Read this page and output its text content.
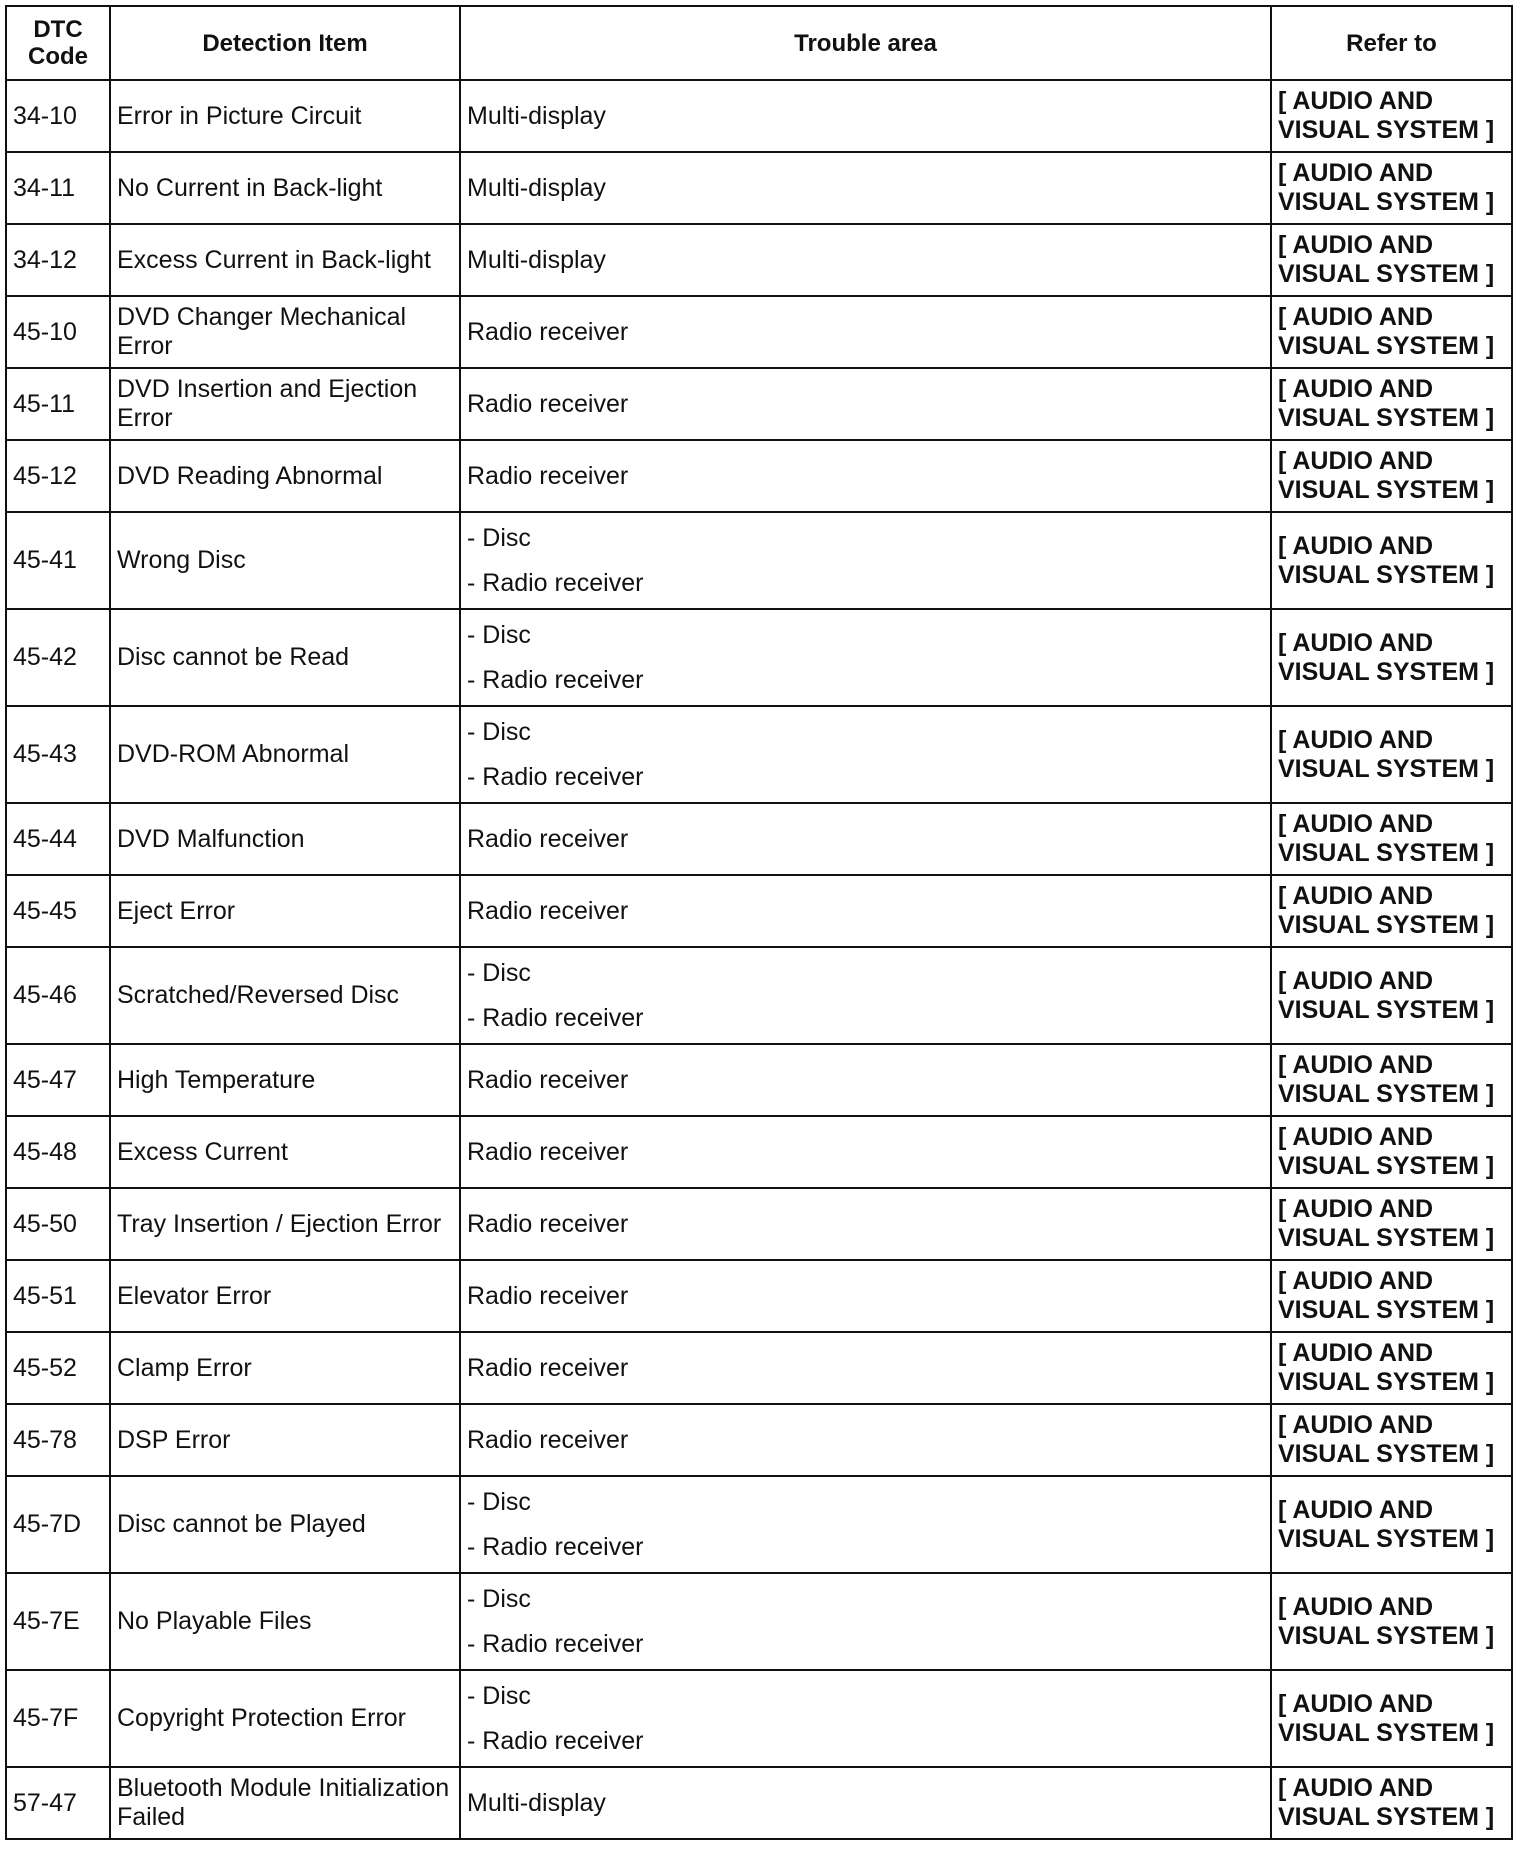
DTC
Code	Detection Item	Trouble area	Refer to
34-10	Error in Picture Circuit	Multi-display	[ AUDIO AND
VISUAL SYSTEM ]
34-11	No Current in Back-light	Multi-display	[ AUDIO AND
VISUAL SYSTEM ]
34-12	Excess Current in Back-light	Multi-display	[ AUDIO AND
VISUAL SYSTEM ]
45-10	DVD Changer Mechanical Error	Radio receiver	[ AUDIO AND
VISUAL SYSTEM ]
45-11	DVD Insertion and Ejection Error	Radio receiver	[ AUDIO AND
VISUAL SYSTEM ]
45-12	DVD Reading Abnormal	Radio receiver	[ AUDIO AND
VISUAL SYSTEM ]
45-41	Wrong Disc	- Disc
- Radio receiver	[ AUDIO AND
VISUAL SYSTEM ]
45-42	Disc cannot be Read	- Disc
- Radio receiver	[ AUDIO AND
VISUAL SYSTEM ]
45-43	DVD-ROM Abnormal	- Disc
- Radio receiver	[ AUDIO AND
VISUAL SYSTEM ]
45-44	DVD Malfunction	Radio receiver	[ AUDIO AND
VISUAL SYSTEM ]
45-45	Eject Error	Radio receiver	[ AUDIO AND
VISUAL SYSTEM ]
45-46	Scratched/Reversed Disc	- Disc
- Radio receiver	[ AUDIO AND
VISUAL SYSTEM ]
45-47	High Temperature	Radio receiver	[ AUDIO AND
VISUAL SYSTEM ]
45-48	Excess Current	Radio receiver	[ AUDIO AND
VISUAL SYSTEM ]
45-50	Tray Insertion / Ejection Error	Radio receiver	[ AUDIO AND
VISUAL SYSTEM ]
45-51	Elevator Error	Radio receiver	[ AUDIO AND
VISUAL SYSTEM ]
45-52	Clamp Error	Radio receiver	[ AUDIO AND
VISUAL SYSTEM ]
45-78	DSP Error	Radio receiver	[ AUDIO AND
VISUAL SYSTEM ]
45-7D	Disc cannot be Played	- Disc
- Radio receiver	[ AUDIO AND
VISUAL SYSTEM ]
45-7E	No Playable Files	- Disc
- Radio receiver	[ AUDIO AND
VISUAL SYSTEM ]
45-7F	Copyright Protection Error	- Disc
- Radio receiver	[ AUDIO AND
VISUAL SYSTEM ]
57-47	Bluetooth Module Initialization Failed	Multi-display	[ AUDIO AND
VISUAL SYSTEM ]
